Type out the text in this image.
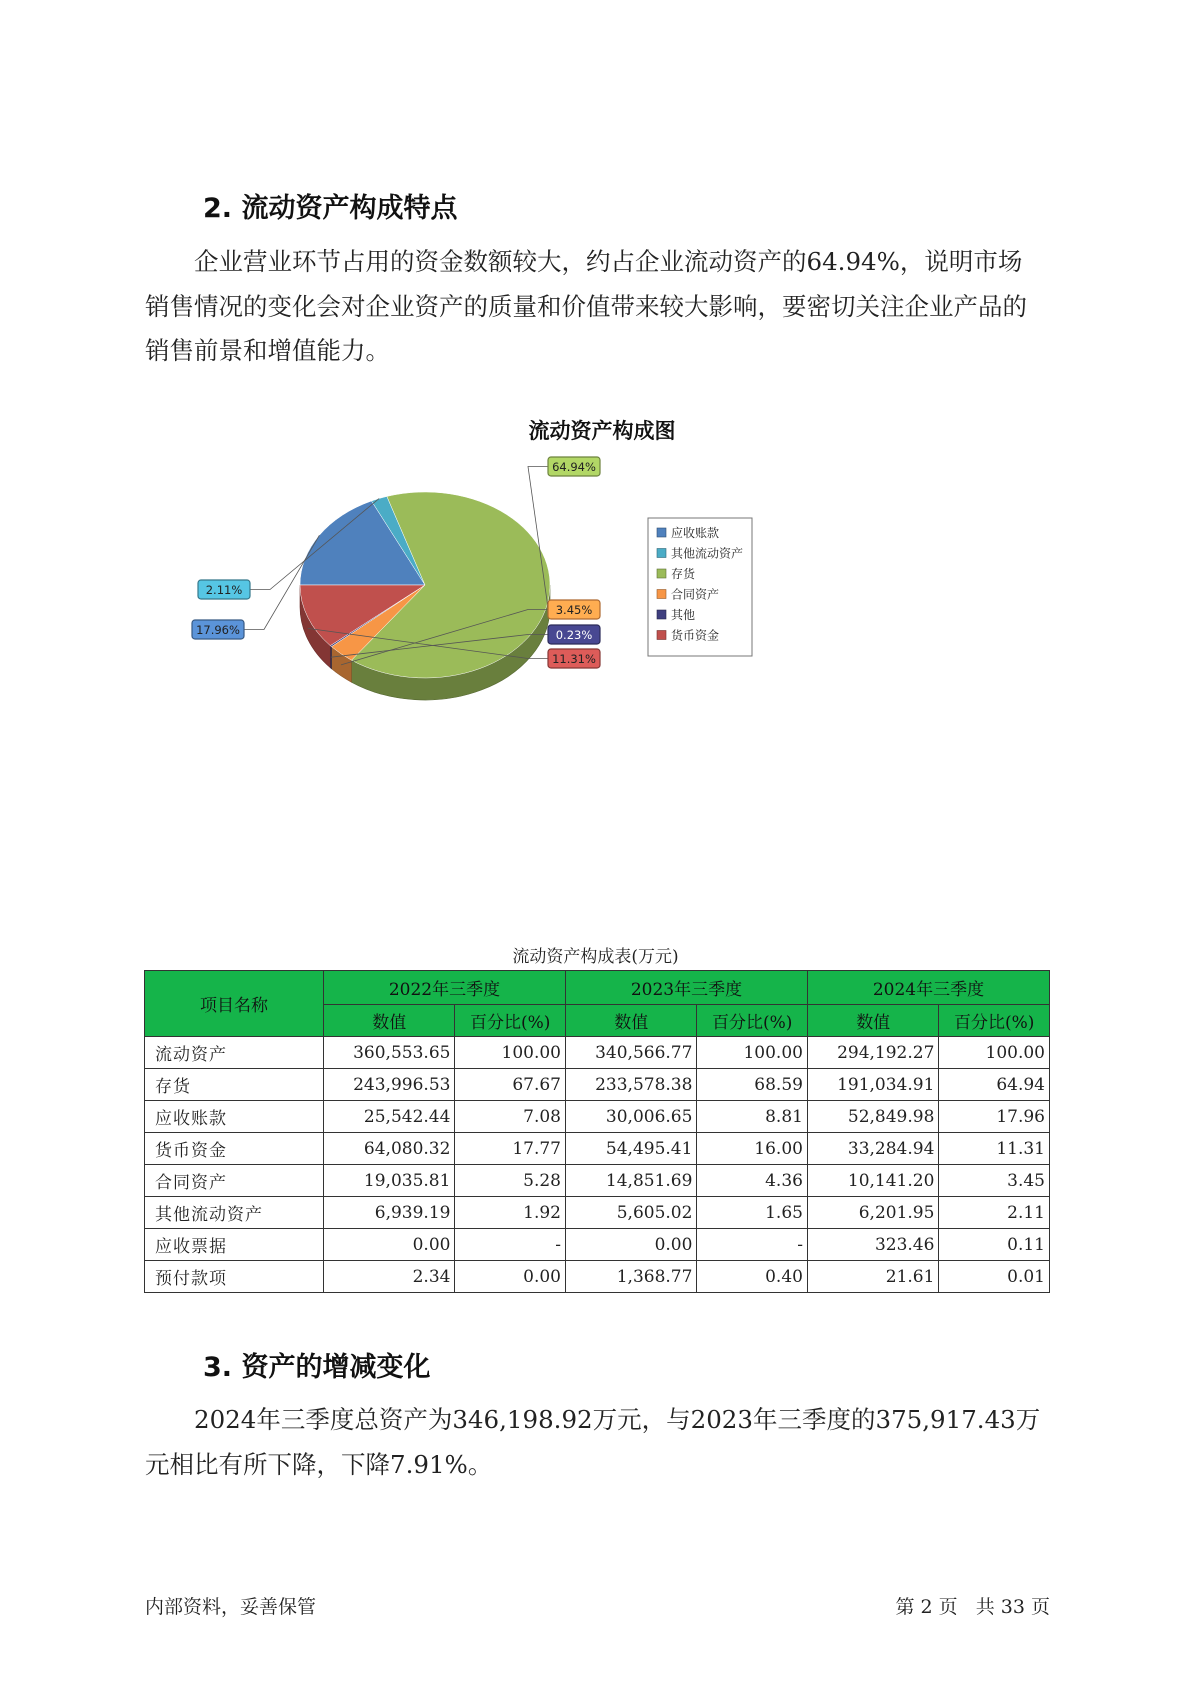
2. 流动资产构成特点

企业营业环节占用的资金数额较大，约占企业流动资产的64.94%，说明市场销售情况的变化会对企业资产的质量和价值带来较大影响，要密切关注企业产品的销售前景和增值能力。

流动资产构成图
17.96%
2.11%
64.94%
3.45%
0.23%
11.31%
应收账款
其他流动资产
存货
合同资产
其他
货币资金

流动资产构成表(万元)

项目名称	2022年三季度		2023年三季度		2024年三季度	
	数值	百分比(%)	数值	百分比(%)	数值	百分比(%)
流动资产	360,553.65	100.00	340,566.77	100.00	294,192.27	100.00
存货	243,996.53	67.67	233,578.38	68.59	191,034.91	64.94
应收账款	25,542.44	7.08	30,006.65	8.81	52,849.98	17.96
货币资金	64,080.32	17.77	54,495.41	16.00	33,284.94	11.31
合同资产	19,035.81	5.28	14,851.69	4.36	10,141.20	3.45
其他流动资产	6,939.19	1.92	5,605.02	1.65	6,201.95	2.11
应收票据	0.00	-	0.00	-	323.46	0.11
预付款项	2.34	0.00	1,368.77	0.40	21.61	0.01
3. 资产的增减变化

2024年三季度总资产为346,198.92万元，与2023年三季度的375,917.43万元相比有所下降，下降7.91%。

内部资料，妥善保管	第 2 页   共 33 页
